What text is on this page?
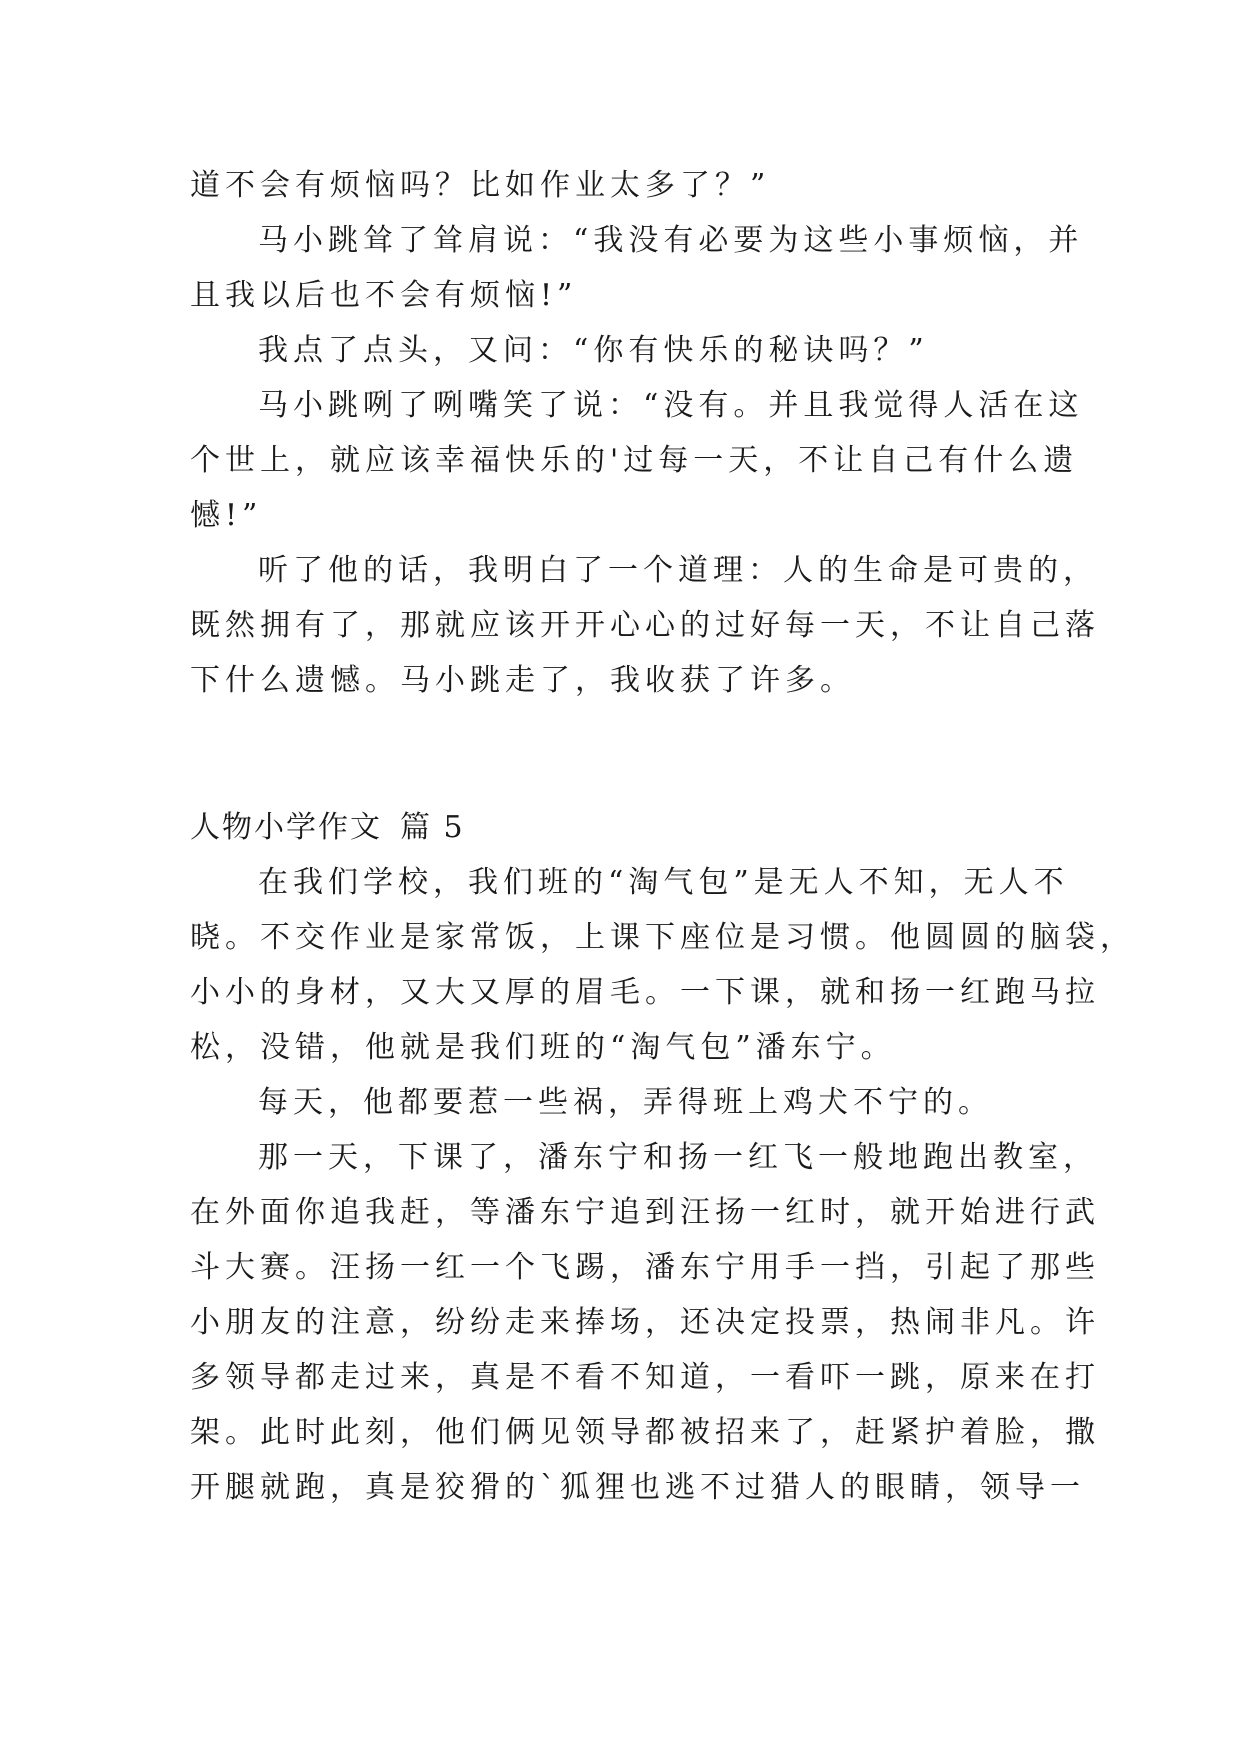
道不会有烦恼吗？比如作业太多了？”
马小跳耸了耸肩说：“我没有必要为这些小事烦恼，并
且我以后也不会有烦恼!”
我点了点头，又问：“你有快乐的秘诀吗？”
马小跳咧了咧嘴笑了说：“没有。并且我觉得人活在这
个世上，就应该幸福快乐的'过每一天，不让自己有什么遗
憾!”
听了他的话，我明白了一个道理：人的生命是可贵的，
既然拥有了，那就应该开开心心的过好每一天，不让自己落
下什么遗憾。马小跳走了，我收获了许多。
人物小学作文 篇 5
在我们学校，我们班的“淘气包”是无人不知，无人不
晓。不交作业是家常饭，上课下座位是习惯。他圆圆的脑袋，
小小的身材，又大又厚的眉毛。一下课，就和扬一红跑马拉
松，没错，他就是我们班的“淘气包”潘东宁。
每天，他都要惹一些祸，弄得班上鸡犬不宁的。
那一天，下课了，潘东宁和扬一红飞一般地跑出教室，
在外面你追我赶，等潘东宁追到汪扬一红时，就开始进行武
斗大赛。汪扬一红一个飞踢，潘东宁用手一挡，引起了那些
小朋友的注意，纷纷走来捧场，还决定投票，热闹非凡。许
多领导都走过来，真是不看不知道，一看吓一跳，原来在打
架。此时此刻，他们俩见领导都被招来了，赶紧护着脸，撒
开腿就跑，真是狡猾的`狐狸也逃不过猎人的眼睛，领导一
